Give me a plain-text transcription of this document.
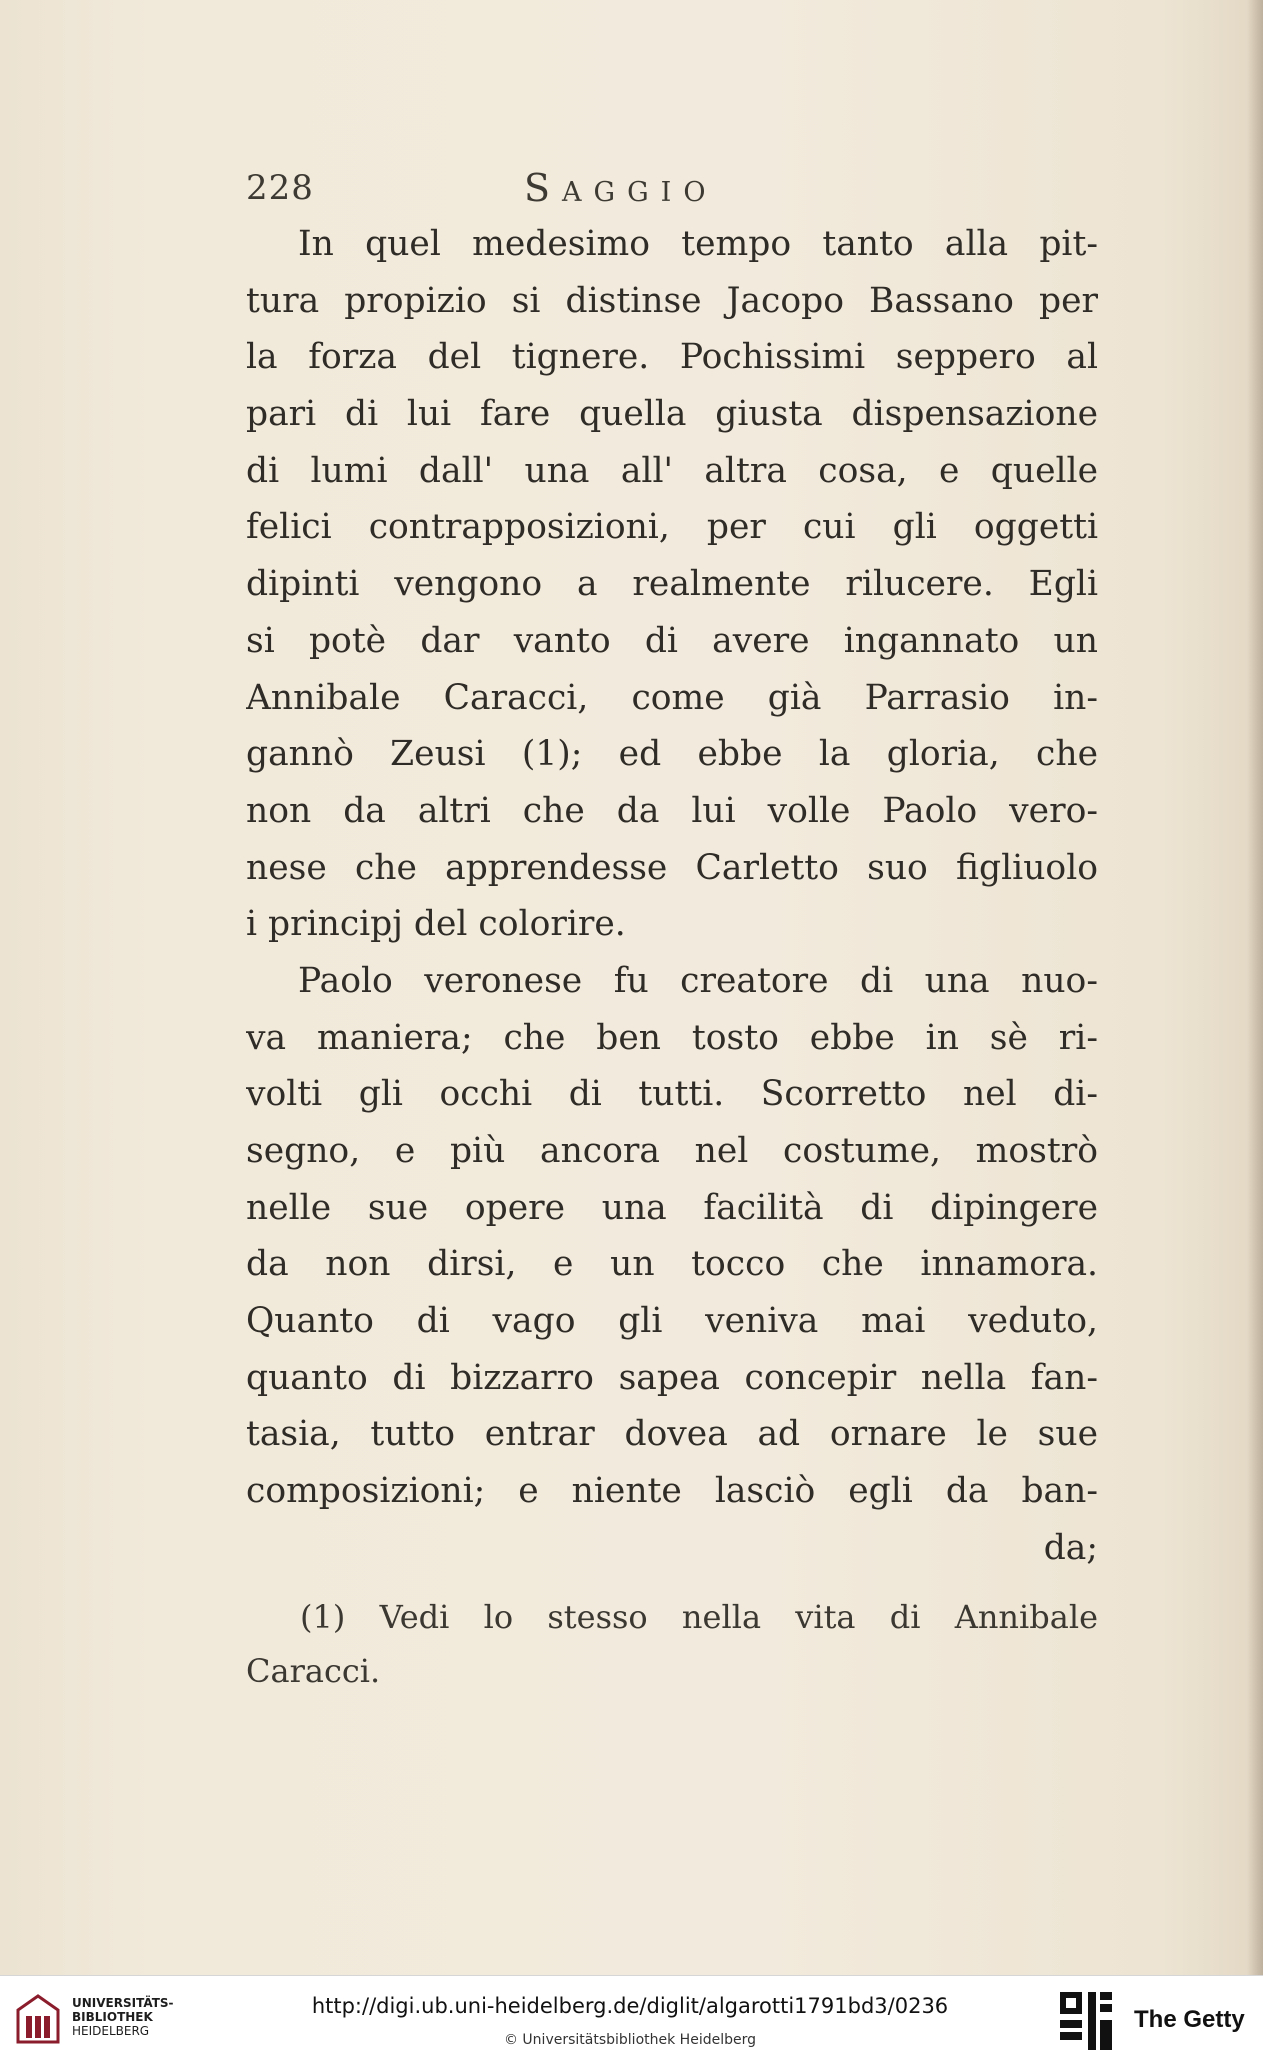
228	Saggio
In quel medesimo tempo tanto alla pit-
tura propizio si distinse Jacopo Bassano per
la forza del tignere. Pochissimi seppero al
pari di lui fare quella giusta dispensazione
di lumi dall' una all' altra cosa, e quelle
felici contrapposizioni, per cui gli oggetti
dipinti vengono a realmente rilucere. Egli
si potè dar vanto di avere ingannato un
Annibale Caracci, come già Parrasio in-
gannò Zeusi (1); ed ebbe la gloria, che
non da altri che da lui volle Paolo vero-
nese che apprendesse Carletto suo figliuolo
i principj del colorire.
Paolo veronese fu creatore di una nuo-
va maniera; che ben tosto ebbe in sè ri-
volti gli occhi di tutti. Scorretto nel di-
segno, e più ancora nel costume, mostrò
nelle sue opere una facilità di dipingere
da non dirsi, e un tocco che innamora.
Quanto di vago gli veniva mai veduto,
quanto di bizzarro sapea concepir nella fan-
tasia, tutto entrar dovea ad ornare le sue
composizioni; e niente lasciò egli da ban-
da;
(1) Vedi lo stesso nella vita di Annibale
Caracci.
UNIVERSITÄTS-
BIBLIOTHEK
HEIDELBERG
http://digi.ub.uni-heidelberg.de/diglit/algarotti1791bd3/0236
© Universitätsbibliothek Heidelberg
The Getty
